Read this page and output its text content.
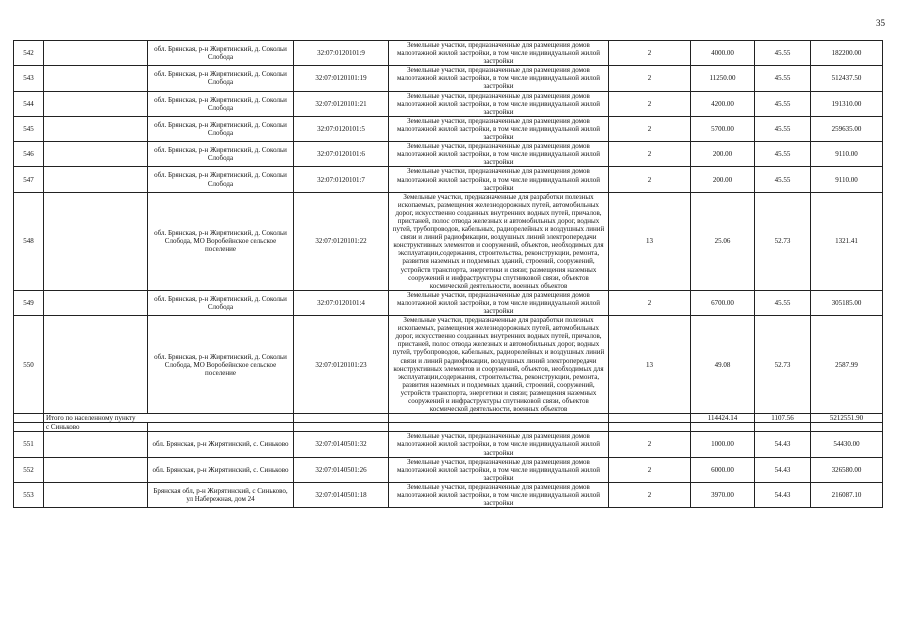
35
542		обл. Брянская, р-н Жирятинский, д. Сокольи Слобода	32:07:0120101:9	Земельные участки, предназначенные для размещения домов малоэтажной жилой застройки, в том числе индивидуальной жилой застройки	2	4000.00	45.55	182200.00
543		обл. Брянская, р-н Жирятинский, д. Сокольи Слобода	32:07:0120101:19	Земельные участки, предназначенные для размещения домов малоэтажной жилой застройки, в том числе индивидуальной жилой застройки	2	11250.00	45.55	512437.50
544		обл. Брянская, р-н Жирятинский, д. Сокольи Слобода	32:07:0120101:21	Земельные участки, предназначенные для размещения домов малоэтажной жилой застройки, в том числе индивидуальной жилой застройки	2	4200.00	45.55	191310.00
545		обл. Брянская, р-н Жирятинский, д. Сокольи Слобода	32:07:0120101:5	Земельные участки, предназначенные для размещения домов малоэтажной жилой застройки, в том числе индивидуальной жилой застройки	2	5700.00	45.55	259635.00
546		обл. Брянская, р-н Жирятинский, д. Сокольи Слобода	32:07:0120101:6	Земельные участки, предназначенные для размещения домов малоэтажной жилой застройки, в том числе индивидуальной жилой застройки	2	200.00	45.55	9110.00
547		обл. Брянская, р-н Жирятинский, д. Сокольи Слобода	32:07:0120101:7	Земельные участки, предназначенные для размещения домов малоэтажной жилой застройки, в том числе индивидуальной жилой застройки	2	200.00	45.55	9110.00
548		обл. Брянская, р-н Жирятинский, д. Сокольи Слобода, МО Воробейнское сельское поселение	32:07:0120101:22	Земельные участки, предназначенные для разработки полезных ископаемых, размещения железнодорожных путей, автомобильных дорог, искусственно созданных внутренних водных путей, причалов, пристаней, полос отвода железных и автомобильных дорог, водных путей, трубопроводов, кабельных, радиорелейных и воздушных линий связи и линий радиофикации, воздушных линий электропередачи конструктивных элементов и сооружений, объектов, необходимых для эксплуатации,содержания, строительства, реконструкции, ремонта, развития наземных и подземных зданий, строений, сооружений, устройств транспорта, энергетики и связи; размещения наземных сооружений и инфраструктуры спутниковой связи, объектов космической деятельности, военных объектов	13	25.06	52.73	1321.41
549		обл. Брянская, р-н Жирятинский, д. Сокольи Слобода	32:07:0120101:4	Земельные участки, предназначенные для размещения домов малоэтажной жилой застройки, в том числе индивидуальной жилой застройки	2	6700.00	45.55	305185.00
550		обл. Брянская, р-н Жирятинский, д. Сокольи Слобода, МО Воробейнское сельское поселение	32:07:0120101:23	Земельные участки, предназначенные для разработки полезных ископаемых, размещения железнодорожных путей, автомобильных дорог, искусственно созданных внутренних водных путей, причалов, пристаней, полос отвода железных и автомобильных дорог, водных путей, трубопроводов, кабельных, радиорелейных и воздушных линий связи и линий радиофикации, воздушных линий электропередачи конструктивных элементов и сооружений, объектов, необходимых для эксплуатации,содержания, строительства, реконструкции, ремонта, развития наземных и подземных зданий, строений, сооружений, устройств транспорта, энергетики и связи; размещения наземных сооружений и инфраструктуры спутниковой связи, объектов космической деятельности, военных объектов	13	49.08	52.73	2587.99
	Итого по населенному пункту					114424.14	1107.56	5212551.90
	с Синьково							
551		обл. Брянская, р-н Жирятинский, с. Синьково	32:07:0140501:32	Земельные участки, предназначенные для размещения домов малоэтажной жилой застройки, в том числе индивидуальной жилой застройки	2	1000.00	54.43	54430.00
552		обл. Брянская, р-н Жирятинский, с. Синьково	32:07:0140501:26	Земельные участки, предназначенные для размещения домов малоэтажной жилой застройки, в том числе индивидуальной жилой застройки	2	6000.00	54.43	326580.00
553		Брянская обл, р-н Жирятинский, с Синьково, ул Набережная, дом 24	32:07:0140501:18	Земельные участки, предназначенные для размещения домов малоэтажной жилой застройки, в том числе индивидуальной жилой застройки	2	3970.00	54.43	216087.10
